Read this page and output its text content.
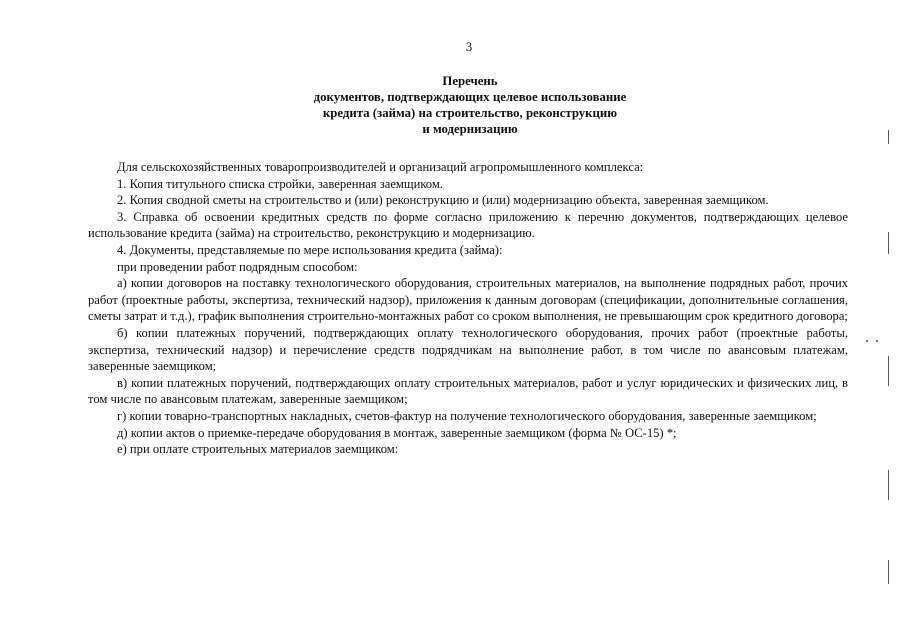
3
Перечень
документов, подтверждающих целевое использование
кредита (займа) на строительство, реконструкцию
и модернизацию

Для сельскохозяйственных товаропроизводителей и организаций агропромышленного комплекса:

1. Копия титульного списка стройки, заверенная заемщиком.

2. Копия сводной сметы на строительство и (или) реконструкцию и (или) модернизацию объекта, заверенная заемщиком.

3. Справка об освоении кредитных средств по форме согласно приложению к перечню документов, подтверждающих целевое использование кредита (займа) на строительство, реконструкцию и модернизацию.

4. Документы, представляемые по мере использования кредита (займа):

при проведении работ подрядным способом:

а) копии договоров на поставку технологического оборудования, строительных материалов, на выполнение подрядных работ, прочих работ (проектные работы, экспертиза, технический надзор), приложения к данным договорам (спецификации, дополнительные соглашения, сметы затрат и т.д.), график выполнения строительно-монтажных работ со сроком выполнения, не превышающим срок кредитного договора;

б) копии платежных поручений, подтверждающих оплату технологического оборудования, прочих работ (проектные работы, экспертиза, технический надзор) и перечисление средств подрядчикам на выполнение работ, в том числе по авансовым платежам, заверенные заемщиком;

в) копии платежных поручений, подтверждающих оплату строительных материалов, работ и услуг юридических и физических лиц, в том числе по авансовым платежам, заверенные заемщиком;

г) копии товарно-транспортных накладных, счетов-фактур на получение технологического оборудования, заверенные заемщиком;

д) копии актов о приемке-передаче оборудования в монтаж, заверенные заемщиком (форма № ОС-15) *;

е) при оплате строительных материалов заемщиком:
